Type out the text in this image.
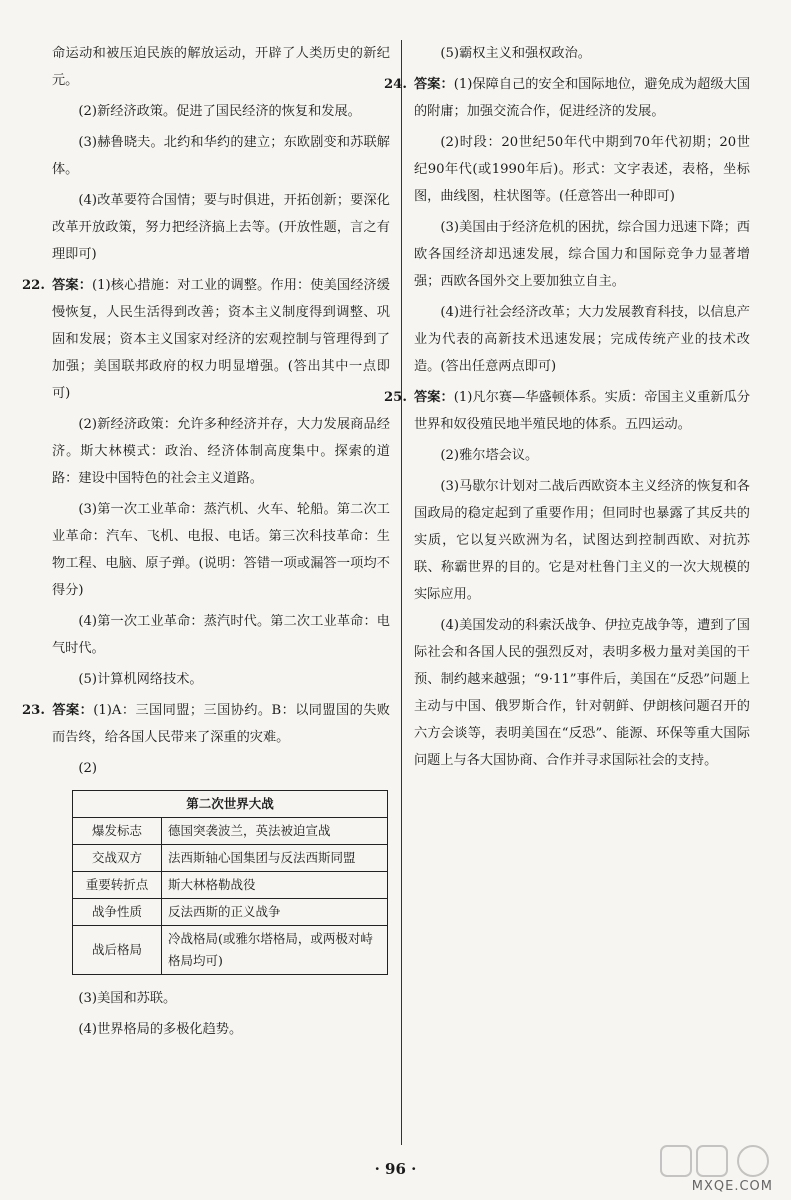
命运动和被压迫民族的解放运动，开辟了人类历史的新纪元。

(2)新经济政策。促进了国民经济的恢复和发展。

(3)赫鲁晓夫。北约和华约的建立；东欧剧变和苏联解体。

(4)改革要符合国情；要与时俱进，开拓创新；要深化改革开放政策，努力把经济搞上去等。(开放性题，言之有理即可)

22. 答案：(1)核心措施：对工业的调整。作用：使美国经济缓慢恢复，人民生活得到改善；资本主义制度得到调整、巩固和发展；资本主义国家对经济的宏观控制与管理得到了加强；美国联邦政府的权力明显增强。(答出其中一点即可)

(2)新经济政策：允许多种经济并存，大力发展商品经济。斯大林模式：政治、经济体制高度集中。探索的道路：建设中国特色的社会主义道路。

(3)第一次工业革命：蒸汽机、火车、轮船。第二次工业革命：汽车、飞机、电报、电话。第三次科技革命：生物工程、电脑、原子弹。(说明：答错一项或漏答一项均不得分)

(4)第一次工业革命：蒸汽时代。第二次工业革命：电气时代。

(5)计算机网络技术。

23. 答案：(1)A：三国同盟；三国协约。B：以同盟国的失败而告终，给各国人民带来了深重的灾难。

(2)

第二次世界大战	
爆发标志	德国突袭波兰，英法被迫宣战
交战双方	法西斯轴心国集团与反法西斯同盟
重要转折点	斯大林格勒战役
战争性质	反法西斯的正义战争
战后格局	冷战格局(或雅尔塔格局，或两极对峙格局均可)

(3)美国和苏联。

(4)世界格局的多极化趋势。

(5)霸权主义和强权政治。

24. 答案：(1)保障自己的安全和国际地位，避免成为超级大国的附庸；加强交流合作，促进经济的发展。

(2)时段：20世纪50年代中期到70年代初期；20世纪90年代(或1990年后)。形式：文字表述，表格，坐标图，曲线图，柱状图等。(任意答出一种即可)

(3)美国由于经济危机的困扰，综合国力迅速下降；西欧各国经济却迅速发展，综合国力和国际竞争力显著增强；西欧各国外交上要加独立自主。

(4)进行社会经济改革；大力发展教育科技，以信息产业为代表的高新技术迅速发展；完成传统产业的技术改造。(答出任意两点即可)

25. 答案：(1)凡尔赛—华盛顿体系。实质：帝国主义重新瓜分世界和奴役殖民地半殖民地的体系。五四运动。

(2)雅尔塔会议。

(3)马歇尔计划对二战后西欧资本主义经济的恢复和各国政局的稳定起到了重要作用；但同时也暴露了其反共的实质，它以复兴欧洲为名，试图达到控制西欧、对抗苏联、称霸世界的目的。它是对杜鲁门主义的一次大规模的实际应用。

(4)美国发动的科索沃战争、伊拉克战争等，遭到了国际社会和各国人民的强烈反对，表明多极力量对美国的干预、制约越来越强；“9·11”事件后，美国在“反恐”问题上主动与中国、俄罗斯合作，针对朝鲜、伊朗核问题召开的六方会谈等，表明美国在“反恐”、能源、环保等重大国际问题上与各大国协商、合作并寻求国际社会的支持。

· 96 ·
MXQE.COM
